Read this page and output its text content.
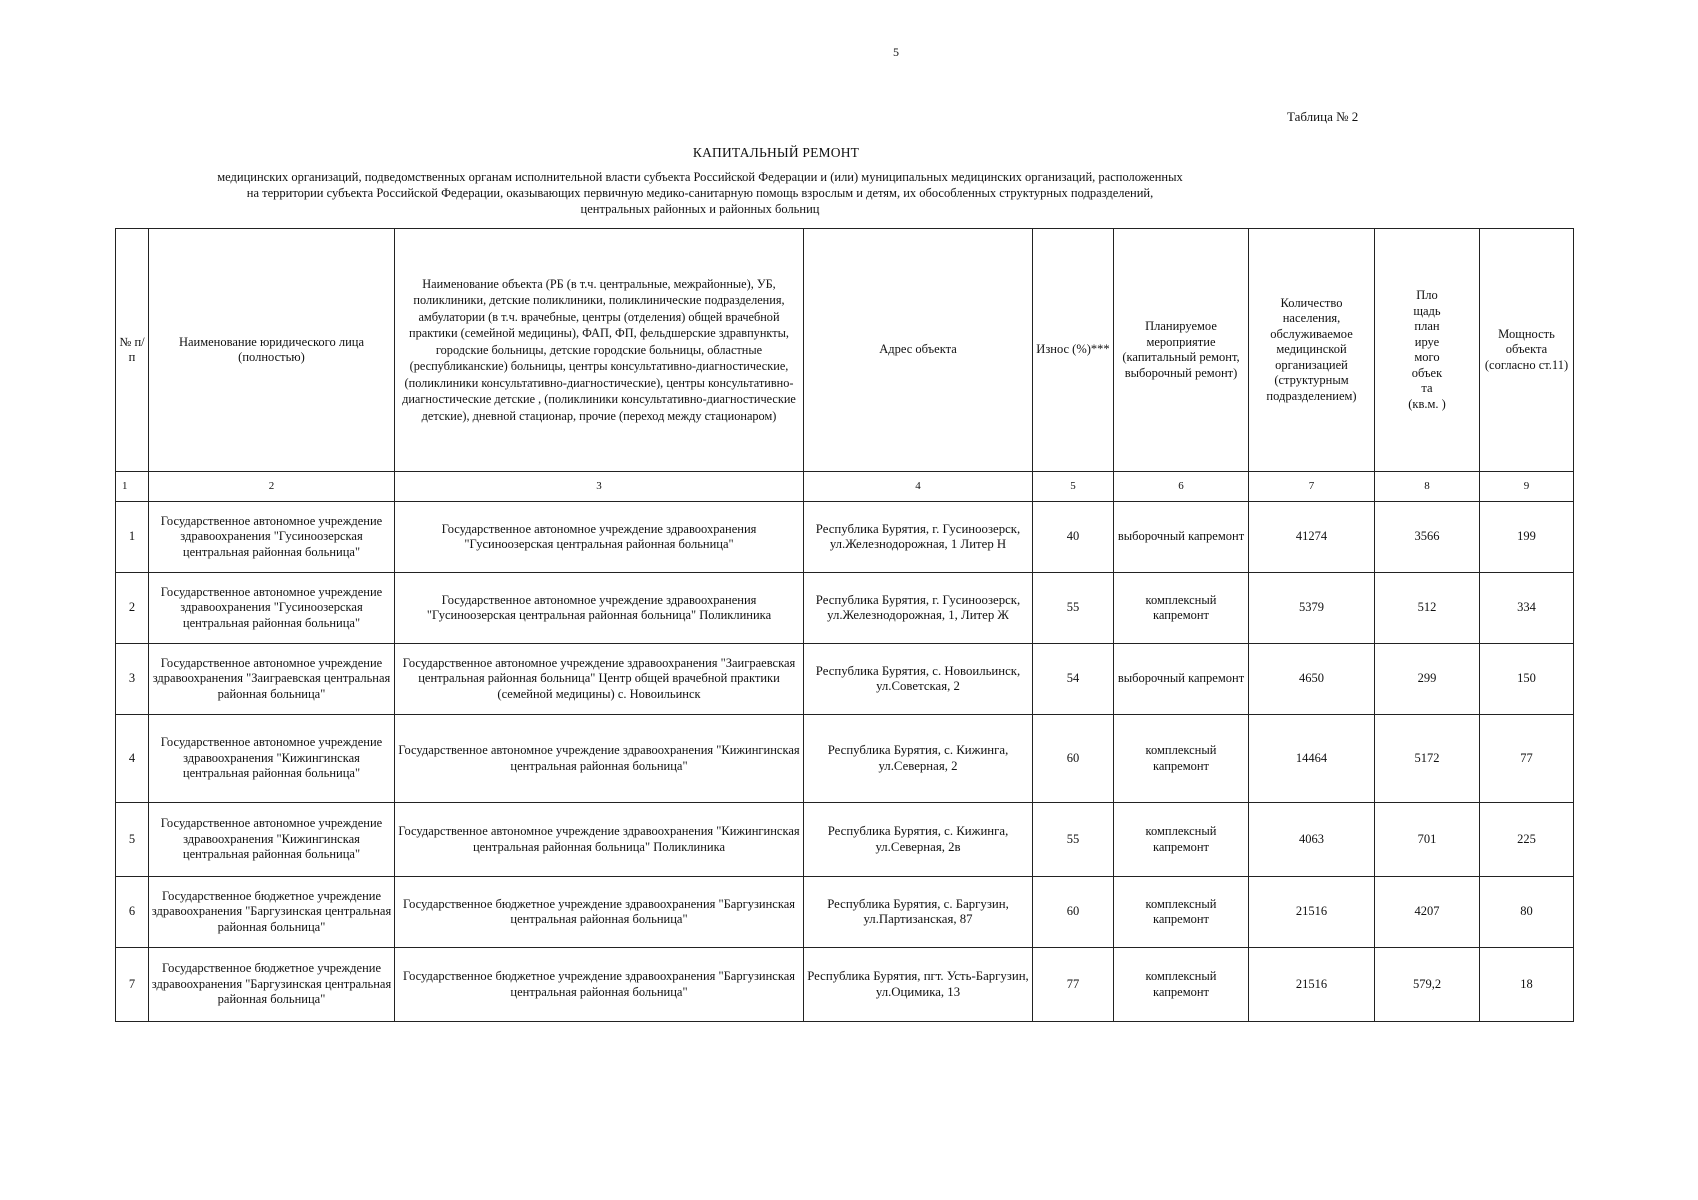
5
Таблица № 2
КАПИТАЛЬНЫЙ РЕМОНТ
медицинских организаций, подведомственных органам исполнительной власти субъекта Российской Федерации и (или) муниципальных медицинских организаций, расположенных
на территории субъекта Российской Федерации, оказывающих первичную медико-санитарную помощь взрослым и детям, их обособленных структурных подразделений,
центральных районных и районных больниц
№ п/п	Наименование юридического лица (полностью)	Наименование объекта (РБ (в т.ч. центральные, межрайонные), УБ, поликлиники, детские поликлиники, поликлинические подразделения, амбулатории (в т.ч. врачебные, центры (отделения) общей врачебной практики (семейной медицины), ФАП, ФП, фельдшерские здравпункты, городские больницы, детские городские больницы, областные (республиканские) больницы, центры консультативно-диагностические, (поликлиники консультативно-диагностические), центры консультативно-диагностические детские , (поликлиники консультативно-диагностические детские), дневной стационар, прочие (переход между стационаром)	Адрес объекта	Износ (%)***	Планируемое мероприятие (капитальный ремонт, выборочный ремонт)	Количество населения, обслуживаемое медицинской организацией (структурным подразделением)	Пло щадь план ируе мого объек та (кв.м. )	Мощность объекта (согласно ст.11)
1	2	3	4	5	6	7	8	9
1	Государственное автономное учреждение здравоохранения "Гусиноозерская центральная районная больница"	Государственное автономное учреждение здравоохранения "Гусиноозерская центральная районная больница"	Республика Бурятия, г. Гусиноозерск, ул.Железнодорожная, 1 Литер Н	40	выборочный капремонт	41274	3566	199
2	Государственное автономное учреждение здравоохранения "Гусиноозерская центральная районная больница"	Государственное автономное учреждение здравоохранения "Гусиноозерская центральная районная больница" Поликлиника	Республика Бурятия, г. Гусиноозерск, ул.Железнодорожная, 1, Литер Ж	55	комплексный капремонт	5379	512	334
3	Государственное автономное учреждение здравоохранения "Заиграевская центральная районная больница"	Государственное автономное учреждение здравоохранения "Заиграевская центральная районная больница" Центр общей врачебной практики (семейной медицины) с. Новоильинск	Республика Бурятия, с. Новоильинск, ул.Советская, 2	54	выборочный капремонт	4650	299	150
4	Государственное автономное учреждение здравоохранения "Кижингинская центральная районная больница"	Государственное автономное учреждение здравоохранения "Кижингинская центральная районная больница"	Республика Бурятия, с. Кижинга, ул.Северная, 2	60	комплексный капремонт	14464	5172	77
5	Государственное автономное учреждение здравоохранения "Кижингинская центральная районная больница"	Государственное автономное учреждение здравоохранения "Кижингинская центральная районная больница" Поликлиника	Республика Бурятия, с. Кижинга, ул.Северная, 2в	55	комплексный капремонт	4063	701	225
6	Государственное бюджетное учреждение здравоохранения "Баргузинская центральная районная больница"	Государственное бюджетное учреждение здравоохранения "Баргузинская центральная районная больница"	Республика Бурятия, с. Баргузин, ул.Партизанская, 87	60	комплексный капремонт	21516	4207	80
7	Государственное бюджетное учреждение здравоохранения "Баргузинская центральная районная больница"	Государственное бюджетное учреждение здравоохранения "Баргузинская центральная районная больница"	Республика Бурятия, пгт. Усть-Баргузин, ул.Оцимика, 13	77	комплексный капремонт	21516	579,2	18
